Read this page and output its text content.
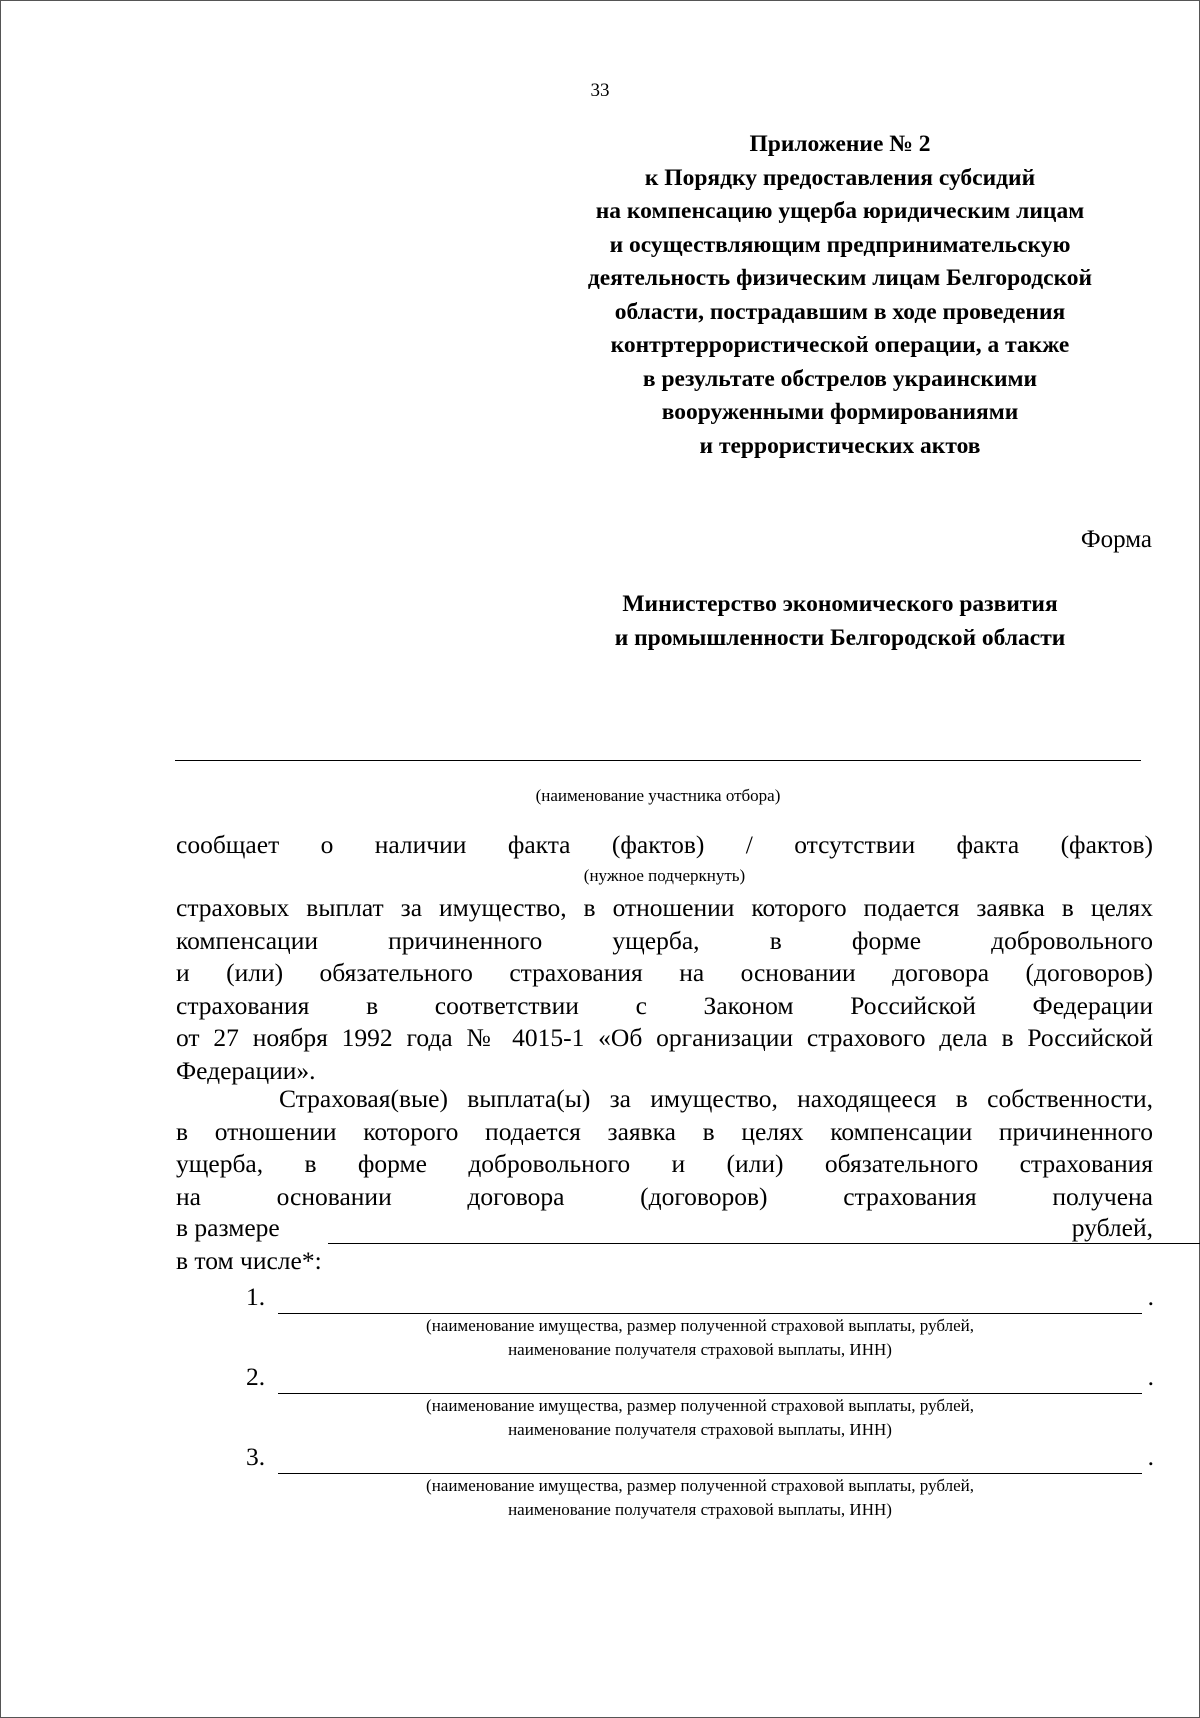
33
Приложение № 2
к Порядку предоставления субсидий
на компенсацию ущерба юридическим лицам
и осуществляющим предпринимательскую
деятельность физическим лицам Белгородской
области, пострадавшим в ходе проведения
контртеррористической операции, а также
в результате обстрелов украинскими
вооруженными формированиями
и террористических актов
Форма
Министерство экономического развития
и промышленности Белгородской области
(наименование участника отбора)
сообщает о наличии факта (фактов) / отсутствии факта (фактов)
(нужное подчеркнуть)
страховых выплат за имущество, в отношении которого подается заявка в целях
компенсации причиненного ущерба, в форме добровольного
и (или) обязательного страхования на основании договора (договоров)
страхования в соответствии с Законом Российской Федерации
от 27 ноября 1992 года № 4015-1 «Об организации страхового дела в Российской
Федерации».
Страховая(вые) выплата(ы) за имущество, находящееся в собственности,
в отношении которого подается заявка в целях компенсации причиненного
ущерба, в форме добровольного и (или) обязательного страхования
на основании договора (договоров) страхования получена
в размере	рублей,
в том числе*:
1.	.
(наименование имущества, размер полученной страховой выплаты, рублей,
наименование получателя страховой выплаты, ИНН)
2.	.
(наименование имущества, размер полученной страховой выплаты, рублей,
наименование получателя страховой выплаты, ИНН)
3.	.
(наименование имущества, размер полученной страховой выплаты, рублей,
наименование получателя страховой выплаты, ИНН)
